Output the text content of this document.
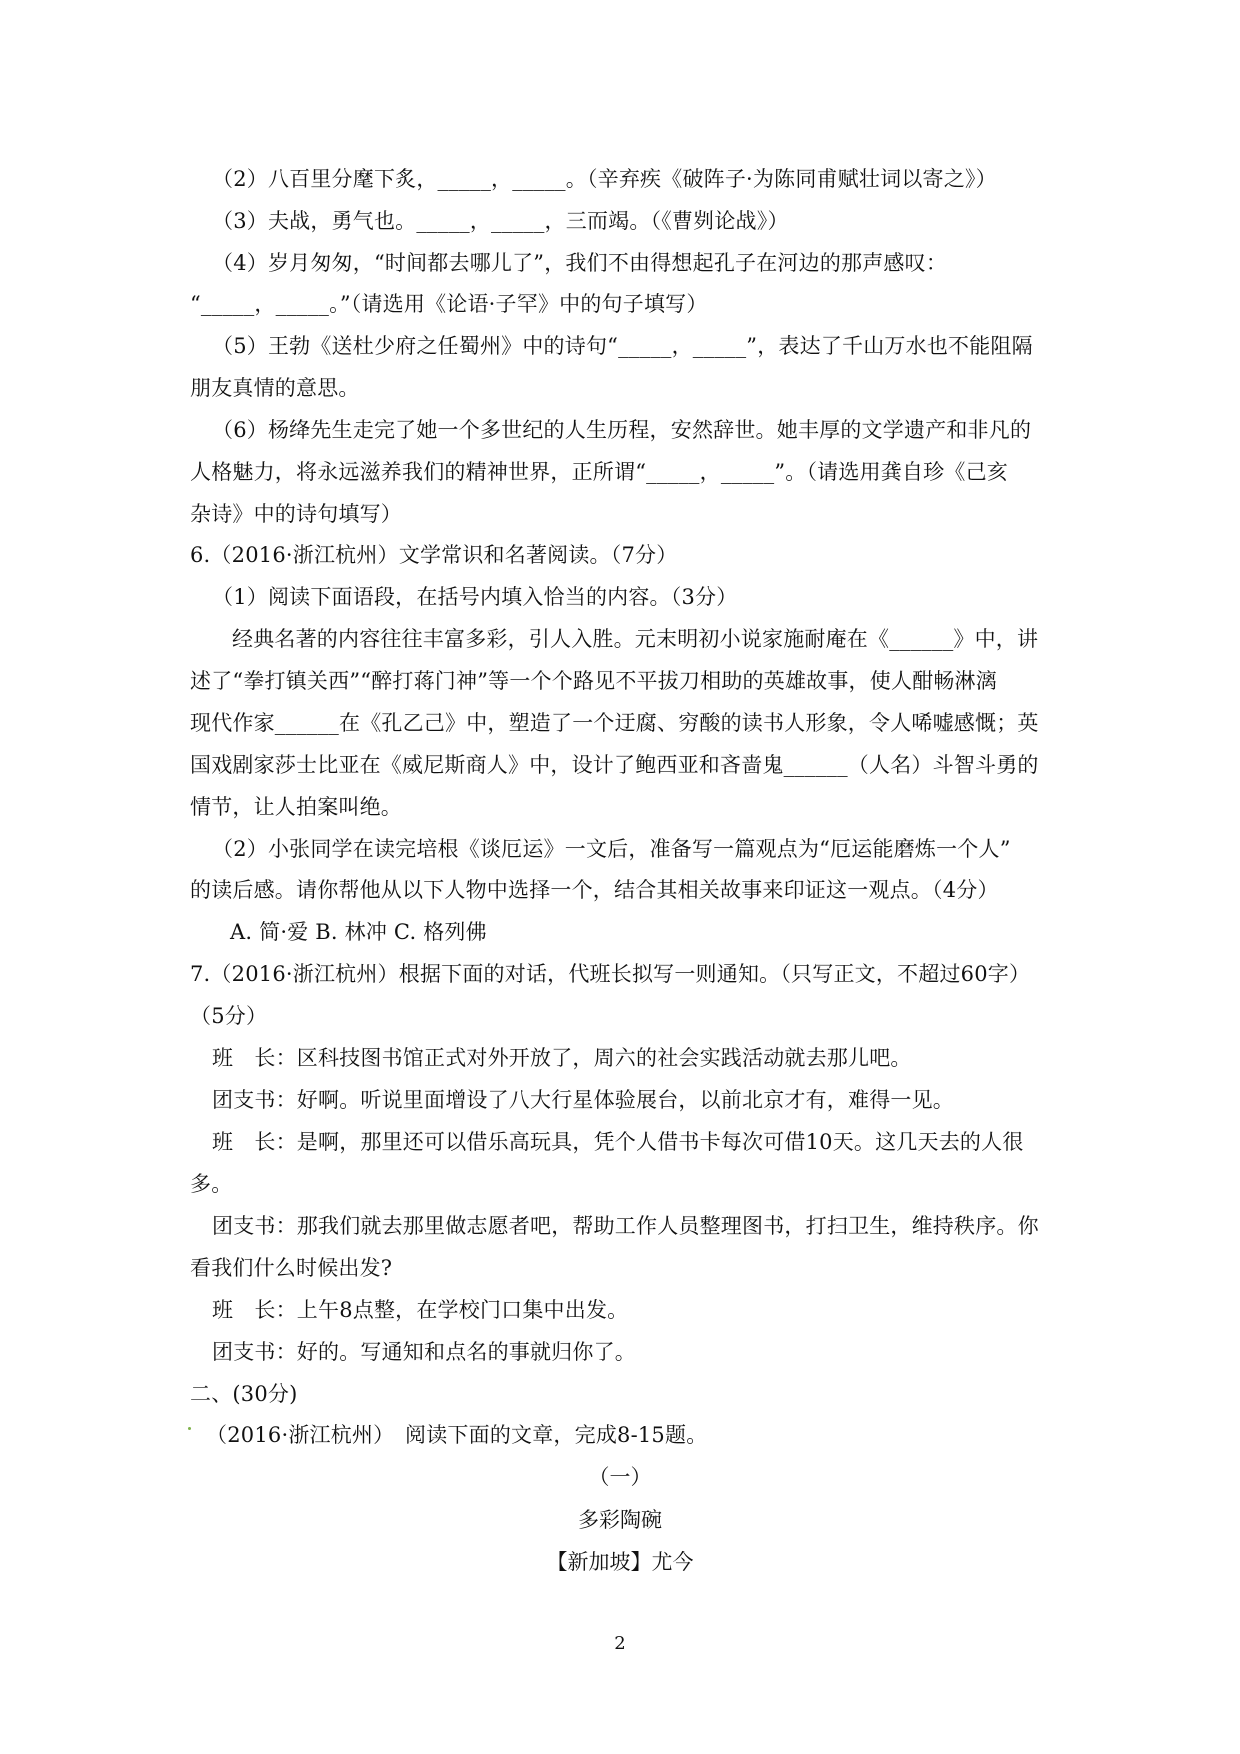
（2）八百里分麾下炙，_____，_____。（辛弃疾《破阵子·为陈同甫赋壮词以寄之》）
（3）夫战，勇气也。_____，_____，三而竭。（《曹刿论战》）
（4）岁月匆匆，“时间都去哪儿了”，我们不由得想起孔子在河边的那声感叹：
“_____，_____。”（请选用《论语·子罕》中的句子填写）
（5）王勃《送杜少府之任蜀州》中的诗句“_____，_____”，表达了千山万水也不能阻隔
朋友真情的意思。
（6）杨绛先生走完了她一个多世纪的人生历程，安然辞世。她丰厚的文学遗产和非凡的
人格魅力，将永远滋养我们的精神世界，正所谓“_____，_____”。（请选用龚自珍《己亥
杂诗》中的诗句填写）
6.（2016·浙江杭州）文学常识和名著阅读。（7分）
（1）阅读下面语段，在括号内填入恰当的内容。（3分）
经典名著的内容往往丰富多彩，引人入胜。元末明初小说家施耐庵在《______》中，讲
述了“拳打镇关西”“醉打蒋门神”等一个个路见不平拔刀相助的英雄故事，使人酣畅淋漓
现代作家______在《孔乙己》中，塑造了一个迂腐、穷酸的读书人形象，令人唏嘘感慨；英
国戏剧家莎士比亚在《威尼斯商人》中，设计了鲍西亚和吝啬鬼______（人名）斗智斗勇的
情节，让人拍案叫绝。
（2）小张同学在读完培根《谈厄运》一文后，准备写一篇观点为“厄运能磨炼一个人”
的读后感。请你帮他从以下人物中选择一个，结合其相关故事来印证这一观点。（4分）
A. 简·爱 B. 林冲 C. 格列佛
7.（2016·浙江杭州）根据下面的对话，代班长拟写一则通知。（只写正文，不超过60字）
（5分）
班　长：区科技图书馆正式对外开放了，周六的社会实践活动就去那儿吧。
团支书：好啊。听说里面增设了八大行星体验展台，以前北京才有，难得一见。
班　长：是啊，那里还可以借乐高玩具，凭个人借书卡每次可借10天。这几天去的人很
多。
团支书：那我们就去那里做志愿者吧，帮助工作人员整理图书，打扫卫生，维持秩序。你
看我们什么时候出发?
班　长：上午8点整，在学校门口集中出发。
团支书：好的。写通知和点名的事就归你了。
二、(30分)
（2016·浙江杭州）　阅读下面的文章，完成8-15题。
（一）
多彩陶碗
【新加坡】尤今
2
